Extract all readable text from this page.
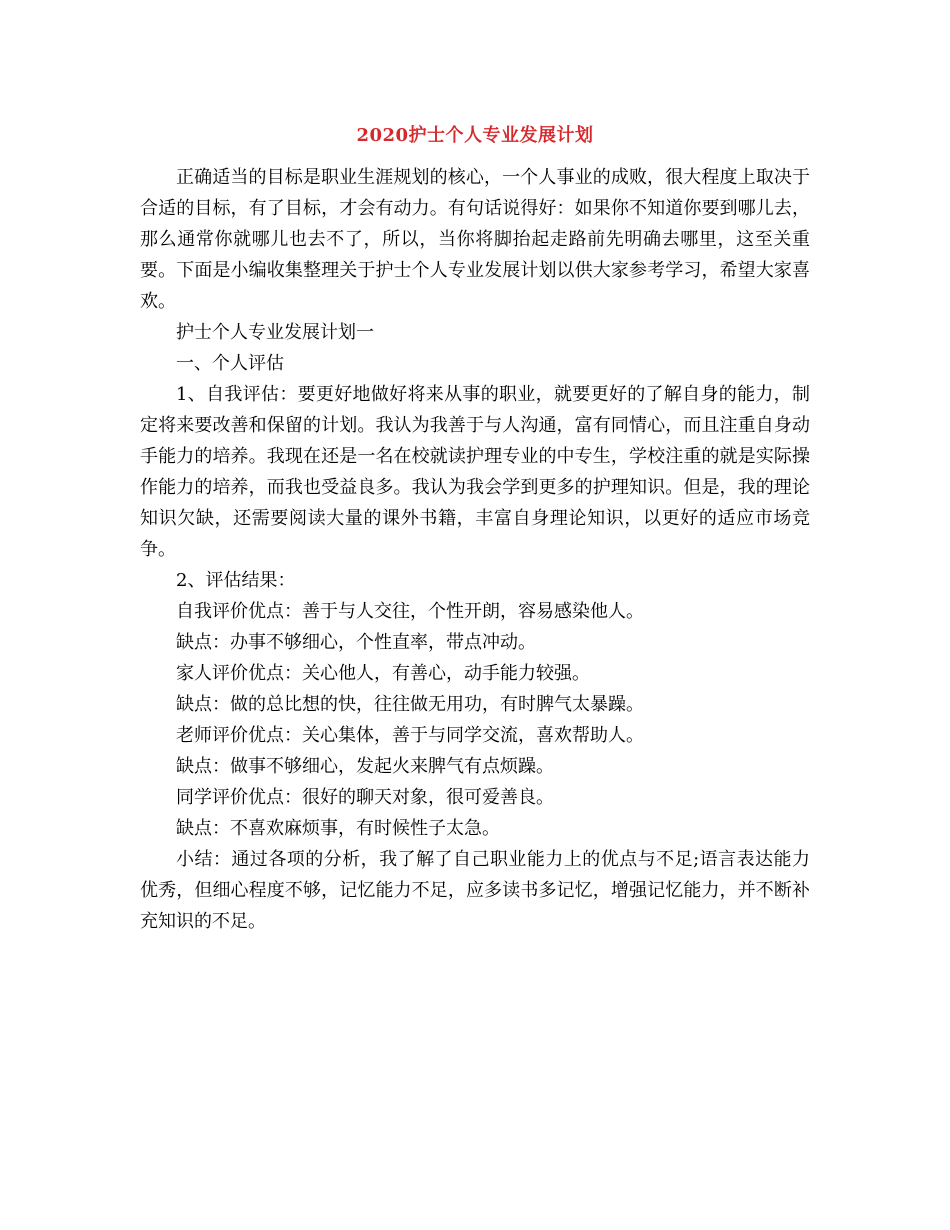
2020护士个人专业发展计划

正确适当的目标是职业生涯规划的核心，一个人事业的成败，很大程度上取决于合适的目标，有了目标，才会有动力。有句话说得好：如果你不知道你要到哪儿去，那么通常你就哪儿也去不了，所以，当你将脚抬起走路前先明确去哪里，这至关重要。下面是小编收集整理关于护士个人专业发展计划以供大家参考学习，希望大家喜欢。

护士个人专业发展计划一

一、个人评估

1、自我评估：要更好地做好将来从事的职业，就要更好的了解自身的能力，制定将来要改善和保留的计划。我认为我善于与人沟通，富有同情心，而且注重自身动手能力的培养。我现在还是一名在校就读护理专业的中专生，学校注重的就是实际操作能力的培养，而我也受益良多。我认为我会学到更多的护理知识。但是，我的理论知识欠缺，还需要阅读大量的课外书籍，丰富自身理论知识，以更好的适应市场竞争。

2、评估结果：

自我评价优点：善于与人交往，个性开朗，容易感染他人。

缺点：办事不够细心，个性直率，带点冲动。

家人评价优点：关心他人，有善心，动手能力较强。

缺点：做的总比想的快，往往做无用功，有时脾气太暴躁。

老师评价优点：关心集体，善于与同学交流，喜欢帮助人。

缺点：做事不够细心，发起火来脾气有点烦躁。

同学评价优点：很好的聊天对象，很可爱善良。

缺点：不喜欢麻烦事，有时候性子太急。

小结：通过各项的分析，我了解了自己职业能力上的优点与不足;语言表达能力优秀，但细心程度不够，记忆能力不足，应多读书多记忆，增强记忆能力，并不断补充知识的不足。
